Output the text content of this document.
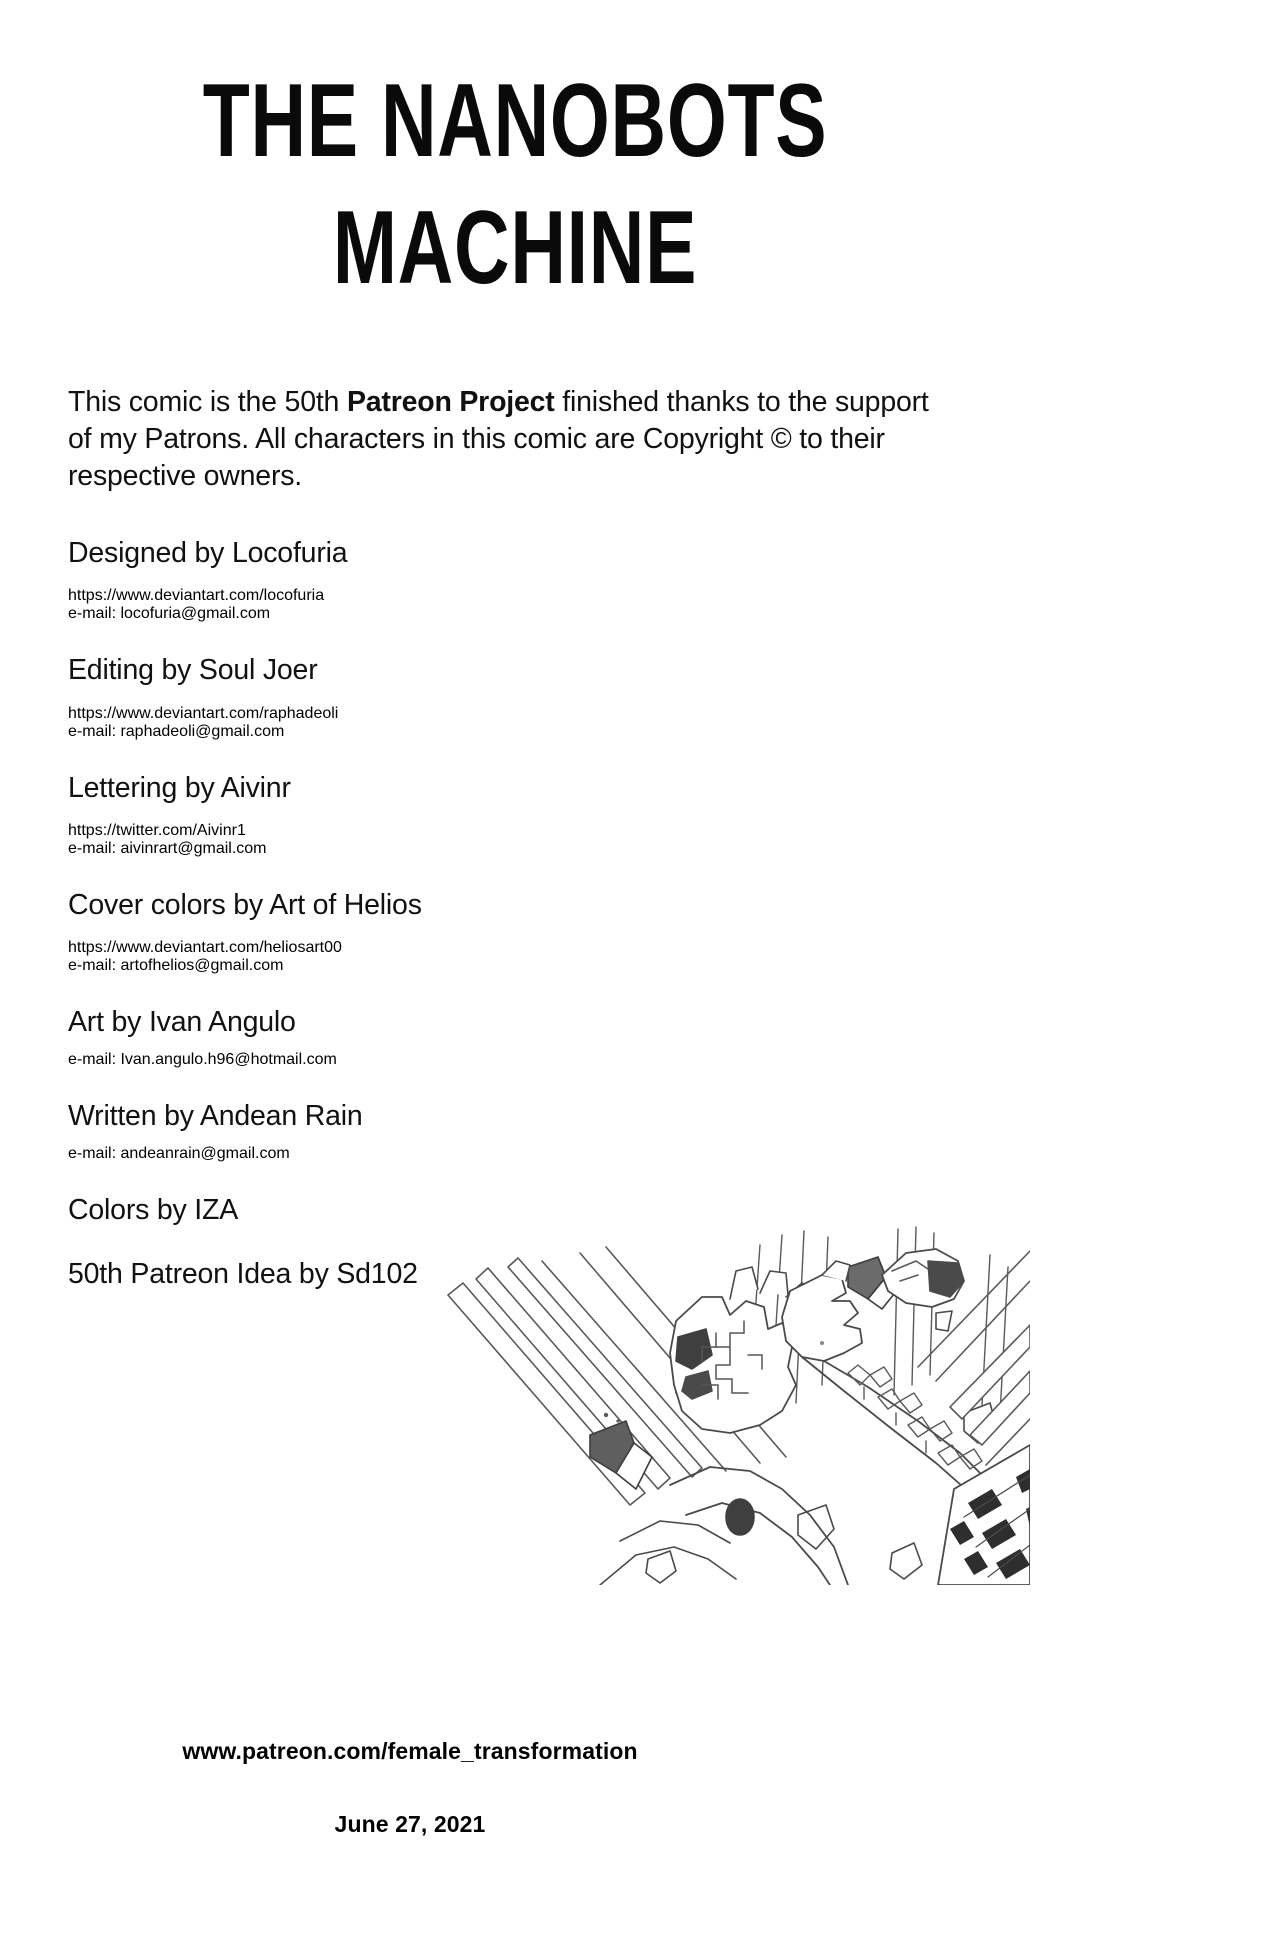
THE NANOBOTS
MACHINE

This comic is the 50th Patreon Project finished thanks to the support of my Patrons. All characters in this comic are Copyright © to their respective owners.

Designed by Locofuria

https://www.deviantart.com/locofuria
e-mail: locofuria@gmail.com

Editing by Soul Joer

https://www.deviantart.com/raphadeoli
e-mail: raphadeoli@gmail.com

Lettering by Aivinr

https://twitter.com/Aivinr1
e-mail: aivinrart@gmail.com

Cover colors by Art of Helios

https://www.deviantart.com/heliosart00
e-mail: artofhelios@gmail.com

Art by Ivan Angulo

e-mail: Ivan.angulo.h96@hotmail.com

Written by Andean Rain

e-mail: andeanrain@gmail.com

Colors by IZA

50th Patreon Idea by Sd102

www.patreon.com/female_transformation

June 27, 2021
